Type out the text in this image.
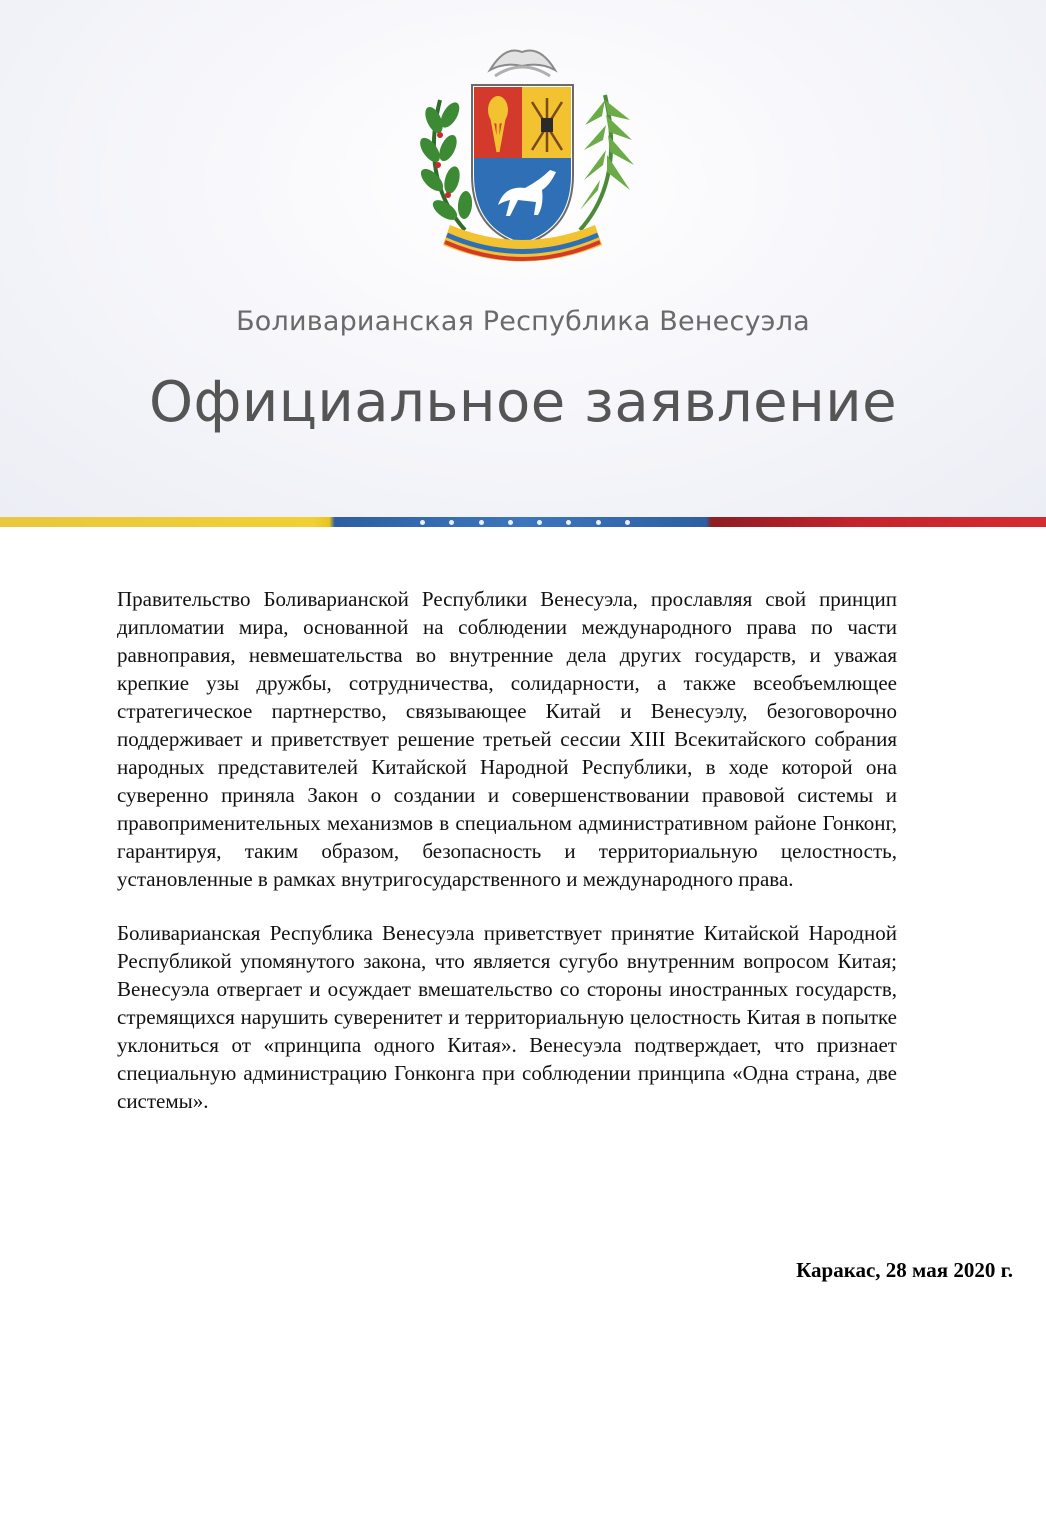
Боливарианская Республика Венесуэла
Официальное заявление

Правительство Боливарианской Республики Венесуэла, прославляя свой принцип дипломатии мира, основанной на соблюдении международного права по части равноправия, невмешательства во внутренние дела других государств, и уважая крепкие узы дружбы, сотрудничества, солидарности, а также всеобъемлющее стратегическое партнерство, связывающее Китай и Венесуэлу, безоговорочно поддерживает и приветствует решение третьей сессии XIII Всекитайского собрания народных представителей Китайской Народной Республики, в ходе которой она суверенно приняла Закон о создании и совершенствовании правовой системы и правоприменительных механизмов в специальном административном районе Гонконг, гарантируя, таким образом, безопасность и территориальную целостность, установленные в рамках внутригосударственного и международного права.

Боливарианская Республика Венесуэла приветствует принятие Китайской Народной Республикой упомянутого закона, что является сугубо внутренним вопросом Китая; Венесуэла отвергает и осуждает вмешательство со стороны иностранных государств, стремящихся нарушить суверенитет и территориальную целостность Китая в попытке уклониться от «принципа одного Китая». Венесуэла подтверждает, что признает специальную администрацию Гонконга при соблюдении принципа «Одна страна, две системы».

Каракас, 28 мая 2020 г.
